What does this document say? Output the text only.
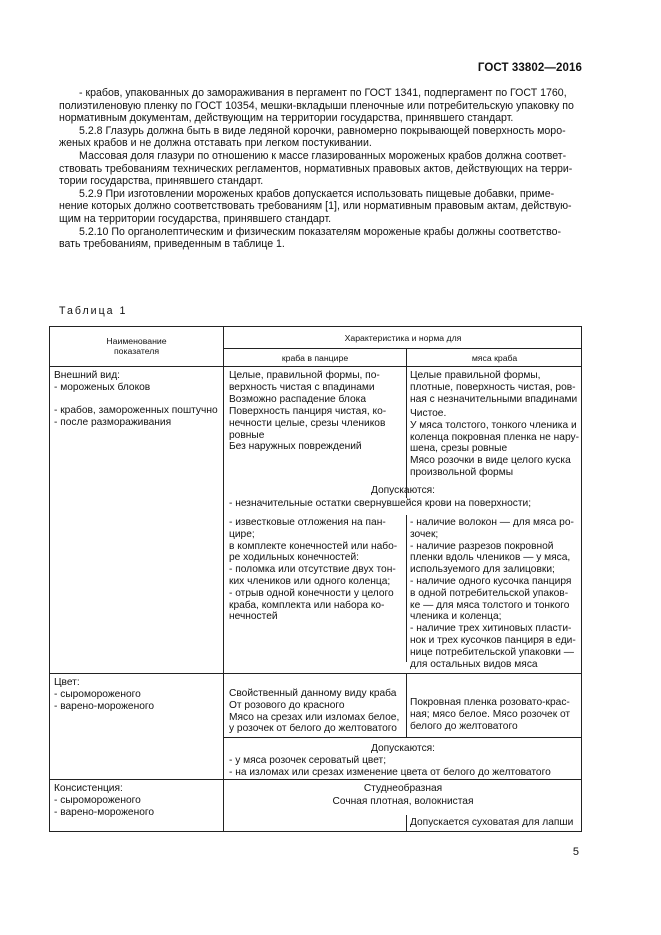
ГОСТ 33802—2016
- крабов, упакованных до замораживания в пергамент по ГОСТ 1341, подпергамент по ГОСТ 1760,
полиэтиленовую пленку по ГОСТ 10354, мешки-вкладыши пленочные или потребительскую упаковку по
нормативным документам, действующим на территории государства, принявшего стандарт.
5.2.8 Глазурь должна быть в виде ледяной корочки, равномерно покрывающей поверхность моро-
женых крабов и не должна отставать при легком постукивании.
Массовая доля глазури по отношению к массе глазированных мороженых крабов должна соответ-
ствовать требованиям технических регламентов, нормативных правовых актов, действующих на терри-
тории государства, принявшего стандарт.
5.2.9 При изготовлении мороженых крабов допускается использовать пищевые добавки, приме-
нение которых должно соответствовать требованиям [1], или нормативным правовым актам, действую-
щим на территории государства, принявшего стандарт.
5.2.10 По органолептическим и физическим показателям мороженые крабы должны соответство-
вать требованиям, приведенным в таблице 1.
Таблица 1
Наименование
показателя
Характеристика и норма для
краба в панцире	мяса краба
Внешний вид:
- мороженых блоков
- крабов, замороженных поштучно
- после размораживания
Целые, правильной формы, по-
верхность чистая с впадинами
Возможно распадение блока
Целые правильной формы,
плотные, поверхность чистая, ров-
ная с незначительными впадинами
Поверхность панциря чистая, ко-
нечности целые, срезы члеников
ровные
Без наружных повреждений
Чистое.
У мяса толстого, тонкого членика и
коленца покровная пленка не нару-
шена, срезы ровные
Мясо розочки в виде целого куска
произвольной формы
Допускаются:
- незначительные остатки свернувшейся крови на поверхности;
- известковые отложения на пан-
цире;
в комплекте конечностей или набо-
ре ходильных конечностей:
- поломка или отсутствие двух тон-
ких члеников или одного коленца;
- отрыв одной конечности у целого
краба, комплекта или набора ко-
нечностей
- наличие волокон — для мяса ро-
зочек;
- наличие разрезов покровной
пленки вдоль члеников — у мяса,
используемого для залицовки;
- наличие одного кусочка панциря
в одной потребительской упаков-
ке — для мяса толстого и тонкого
членика и коленца;
- наличие трех хитиновых пласти-
нок и трех кусочков панциря в еди-
нице потребительской упаковки —
для остальных видов мяса
Цвет:
- сыромороженого
- варено-мороженого
Свойственный данному виду краба
От розового до красного
Мясо на срезах или изломах белое,
у розочек от белого до желтоватого
Покровная пленка розовато-крас-
ная; мясо белое. Мясо розочек от
белого до желтоватого
Допускаются:
- у мяса розочек сероватый цвет;
- на изломах или срезах изменение цвета от белого до желтоватого
Консистенция:
- сыромороженого
- варено-мороженого
Студнеобразная
Сочная плотная, волокнистая
Допускается суховатая для лапши
5
